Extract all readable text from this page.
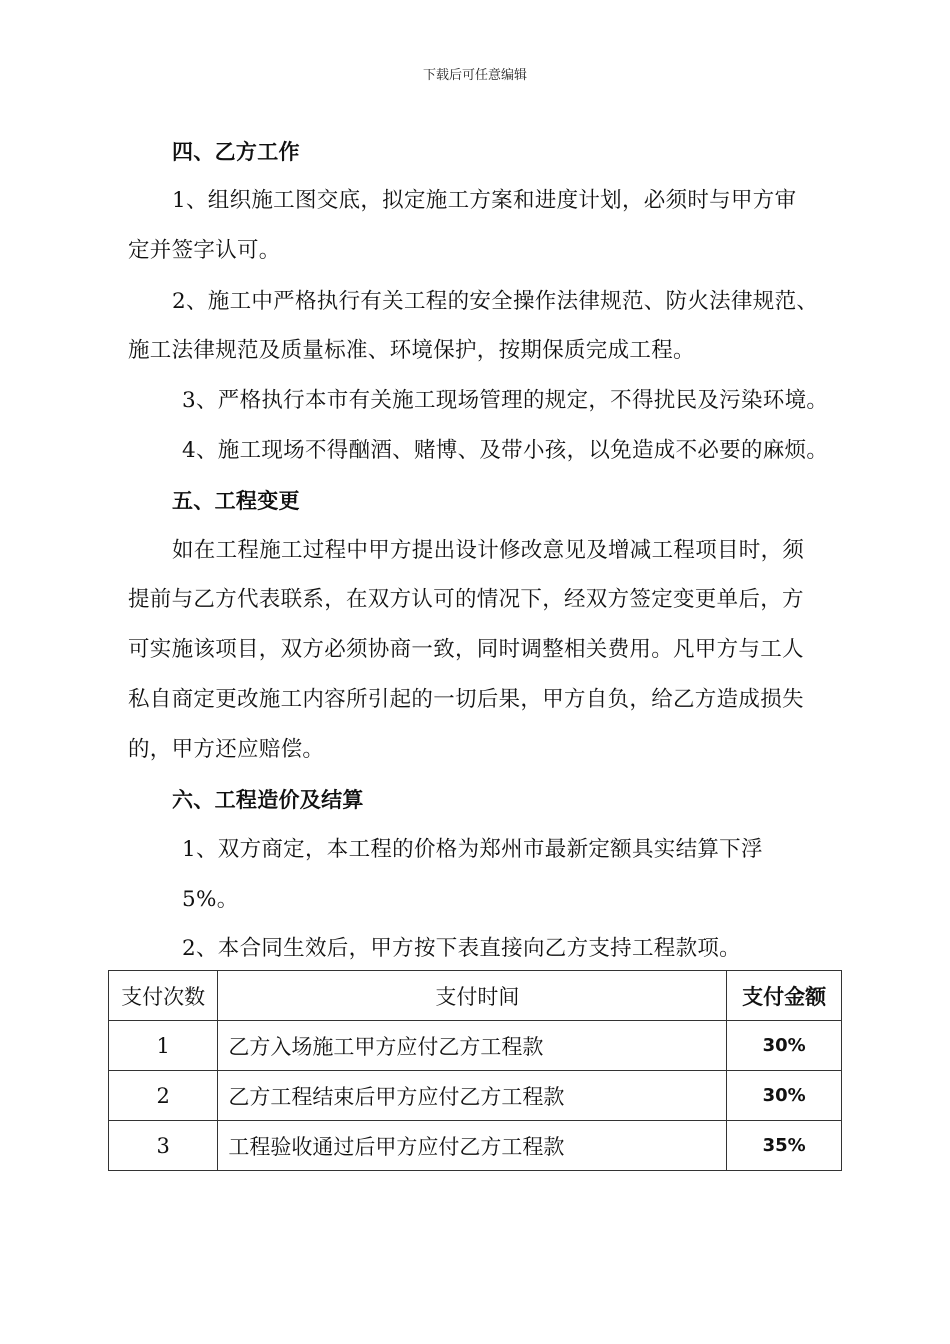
下载后可任意编辑
四、乙方工作
1、组织施工图交底，拟定施工方案和进度计划，必须时与甲方审
定并签字认可。
2、施工中严格执行有关工程的安全操作法律规范、防火法律规范、
施工法律规范及质量标准、环境保护，按期保质完成工程。
3、严格执行本市有关施工现场管理的规定，不得扰民及污染环境。
4、施工现场不得酗酒、赌博、及带小孩，以免造成不必要的麻烦。
五、工程变更
如在工程施工过程中甲方提出设计修改意见及增减工程项目时，须
提前与乙方代表联系，在双方认可的情况下，经双方签定变更单后，方
可实施该项目，双方必须协商一致，同时调整相关费用。凡甲方与工人
私自商定更改施工内容所引起的一切后果，甲方自负，给乙方造成损失
的，甲方还应赔偿。
六、工程造价及结算
1、双方商定，本工程的价格为郑州市最新定额具实结算下浮
5%。
2、本合同生效后，甲方按下表直接向乙方支持工程款项。
支付次数	支付时间	支付金额
1	乙方入场施工甲方应付乙方工程款	30%
2	乙方工程结束后甲方应付乙方工程款	30%
3	工程验收通过后甲方应付乙方工程款	35%
